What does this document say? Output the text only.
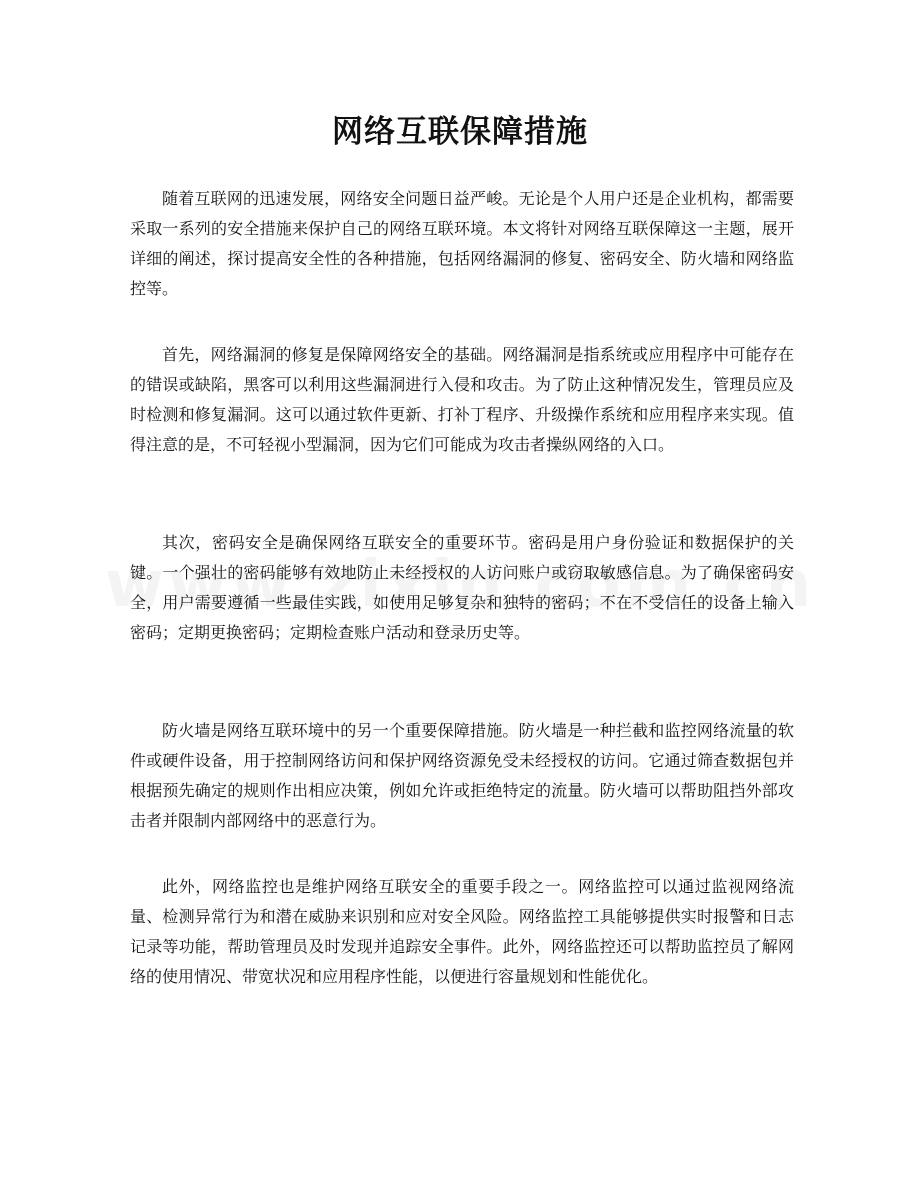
网络互联保障措施

随着互联网的迅速发展，网络安全问题日益严峻。无论是个人用户还是企业机构，都需要采取一系列的安全措施来保护自己的网络互联环境。本文将针对网络互联保障这一主题，展开详细的阐述，探讨提高安全性的各种措施，包括网络漏洞的修复、密码安全、防火墙和网络监控等。

首先，网络漏洞的修复是保障网络安全的基础。网络漏洞是指系统或应用程序中可能存在的错误或缺陷，黑客可以利用这些漏洞进行入侵和攻击。为了防止这种情况发生，管理员应及时检测和修复漏洞。这可以通过软件更新、打补丁程序、升级操作系统和应用程序来实现。值得注意的是，不可轻视小型漏洞，因为它们可能成为攻击者操纵网络的入口。

其次，密码安全是确保网络互联安全的重要环节。密码是用户身份验证和数据保护的关键。一个强壮的密码能够有效地防止未经授权的人访问账户或窃取敏感信息。为了确保密码安全，用户需要遵循一些最佳实践，如使用足够复杂和独特的密码；不在不受信任的设备上输入密码；定期更换密码；定期检查账户活动和登录历史等。

防火墙是网络互联环境中的另一个重要保障措施。防火墙是一种拦截和监控网络流量的软件或硬件设备，用于控制网络访问和保护网络资源免受未经授权的访问。它通过筛查数据包并根据预先确定的规则作出相应决策，例如允许或拒绝特定的流量。防火墙可以帮助阻挡外部攻击者并限制内部网络中的恶意行为。

此外，网络监控也是维护网络互联安全的重要手段之一。网络监控可以通过监视网络流量、检测异常行为和潜在威胁来识别和应对安全风险。网络监控工具能够提供实时报警和日志记录等功能，帮助管理员及时发现并追踪安全事件。此外，网络监控还可以帮助监控员了解网络的使用情况、带宽状况和应用程序性能，以便进行容量规划和性能优化。
